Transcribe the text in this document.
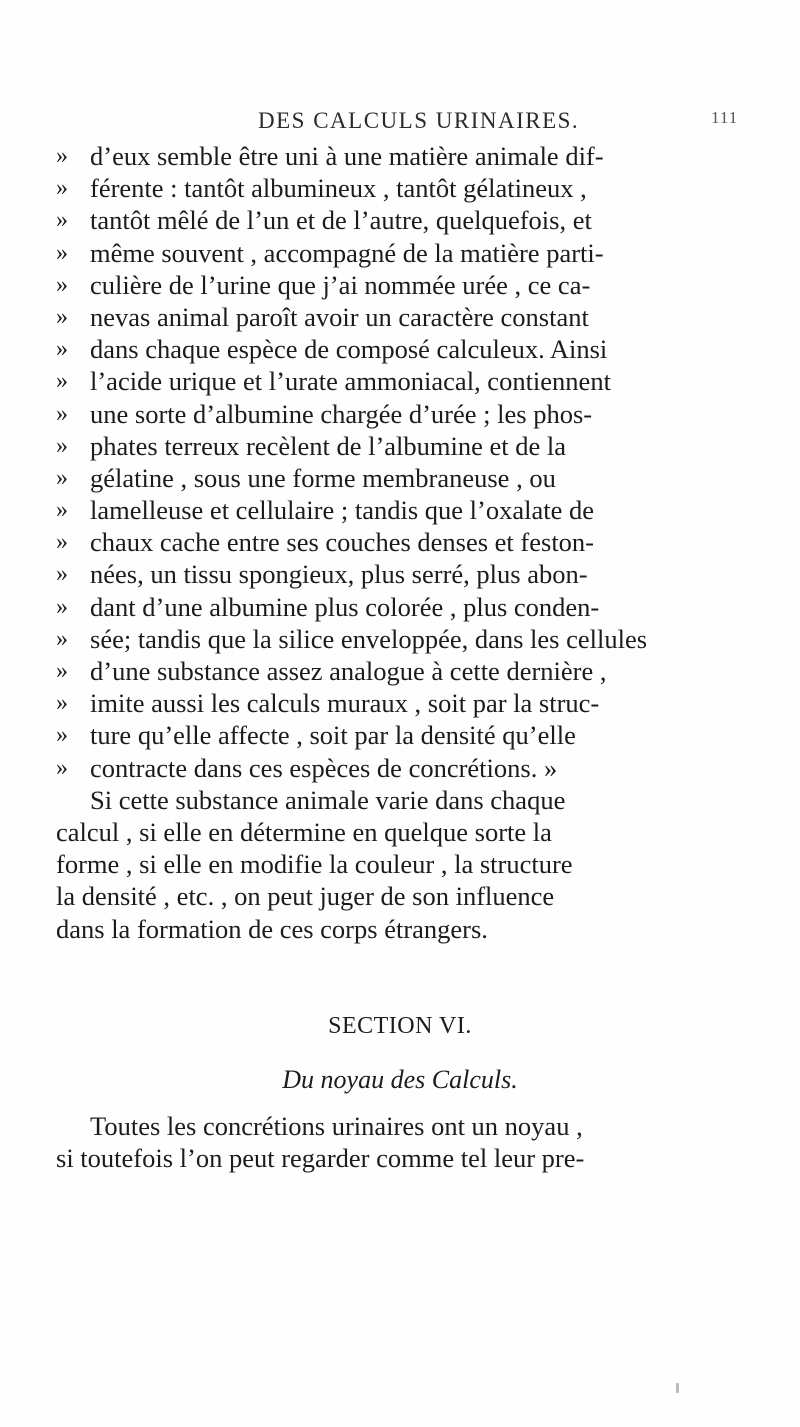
DES CALCULS URINAIRES.	111
» d’eux semble être uni à une matière animale dif-
» férente : tantôt albumineux , tantôt gélatineux ,
» tantôt mêlé de l’un et de l’autre, quelquefois, et
» même souvent , accompagné de la matière parti-
» culière de l’urine que j’ai nommée urée , ce ca-
» nevas animal paroît avoir un caractère constant
» dans chaque espèce de composé calculeux. Ainsi
» l’acide urique et l’urate ammoniacal, contiennent
» une sorte d’albumine chargée d’urée ; les phos-
» phates terreux recèlent de l’albumine et de la
» gélatine , sous une forme membraneuse , ou
» lamelleuse et cellulaire ; tandis que l’oxalate de
» chaux cache entre ses couches denses et feston-
» nées, un tissu spongieux, plus serré, plus abon-
» dant d’une albumine plus colorée , plus conden-
» sée; tandis que la silice enveloppée, dans les cellules
» d’une substance assez analogue à cette dernière ,
» imite aussi les calculs muraux , soit par la struc-
» ture qu’elle affecte , soit par la densité qu’elle
» contracte dans ces espèces de concrétions. »
Si cette substance animale varie dans chaque
calcul , si elle en détermine en quelque sorte la
forme , si elle en modifie la couleur , la structure
la densité , etc. , on peut juger de son influence
dans la formation de ces corps étrangers.
SECTION VI.
Du noyau des Calculs.
Toutes les concrétions urinaires ont un noyau ,
si toutefois l’on peut regarder comme tel leur pre-
